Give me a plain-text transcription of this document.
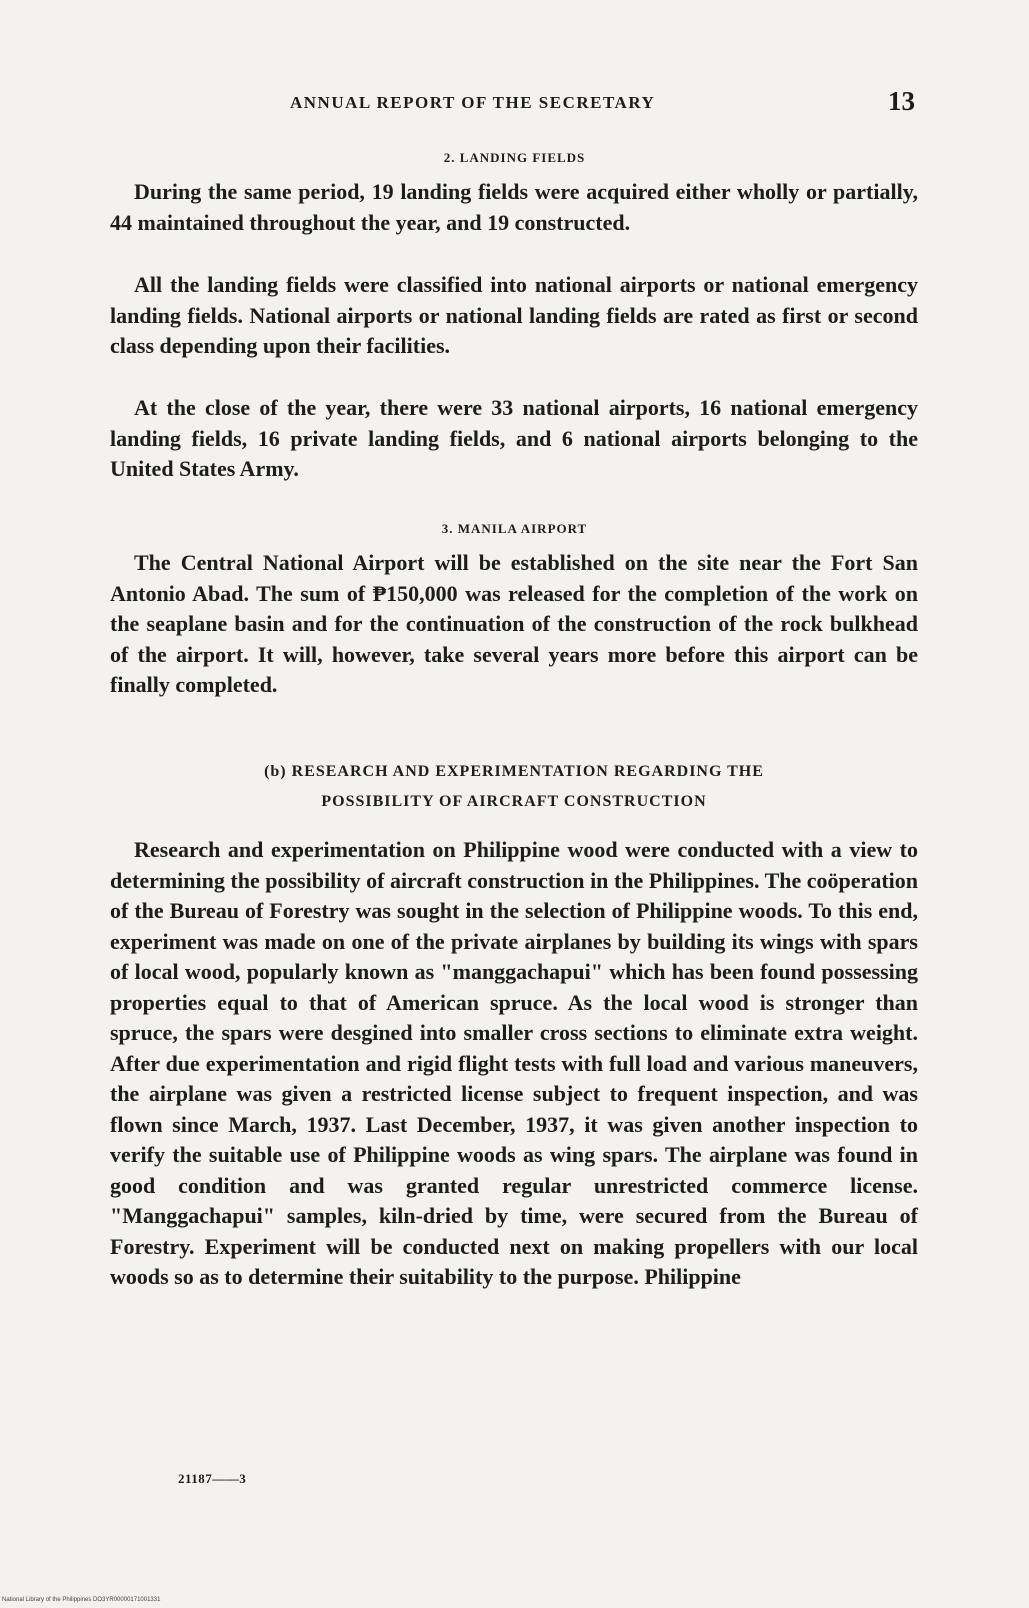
ANNUAL REPORT OF THE SECRETARY	13
2. LANDING FIELDS

During the same period, 19 landing fields were acquired either wholly or partially, 44 maintained throughout the year, and 19 constructed.

All the landing fields were classified into national airports or national emergency landing fields. National airports or national landing fields are rated as first or second class depending upon their facilities.

At the close of the year, there were 33 national airports, 16 national emergency landing fields, 16 private landing fields, and 6 national airports belonging to the United States Army.

3. MANILA AIRPORT

The Central National Airport will be established on the site near the Fort San Antonio Abad. The sum of ₱150,000 was released for the completion of the work on the seaplane basin and for the continuation of the construction of the rock bulkhead of the airport. It will, however, take several years more before this airport can be finally completed.

(b) RESEARCH AND EXPERIMENTATION REGARDING THE
POSSIBILITY OF AIRCRAFT CONSTRUCTION

Research and experimentation on Philippine wood were conducted with a view to determining the possibility of aircraft construction in the Philippines. The coöperation of the Bureau of Forestry was sought in the selection of Philippine woods. To this end, experiment was made on one of the private airplanes by building its wings with spars of local wood, popularly known as "manggachapui" which has been found possessing properties equal to that of American spruce. As the local wood is stronger than spruce, the spars were desgined into smaller cross sections to eliminate extra weight. After due experimentation and rigid flight tests with full load and various maneuvers, the airplane was given a restricted license subject to frequent inspection, and was flown since March, 1937. Last December, 1937, it was given another inspection to verify the suitable use of Philippine woods as wing spars. The airplane was found in good condition and was granted regular unrestricted commerce license. "Manggachapui" samples, kiln-dried by time, were secured from the Bureau of Forestry. Experiment will be conducted next on making propellers with our local woods so as to determine their suitability to the purpose. Philippine

21187——3
National Library of the Philippines DO3YR00000171001331
